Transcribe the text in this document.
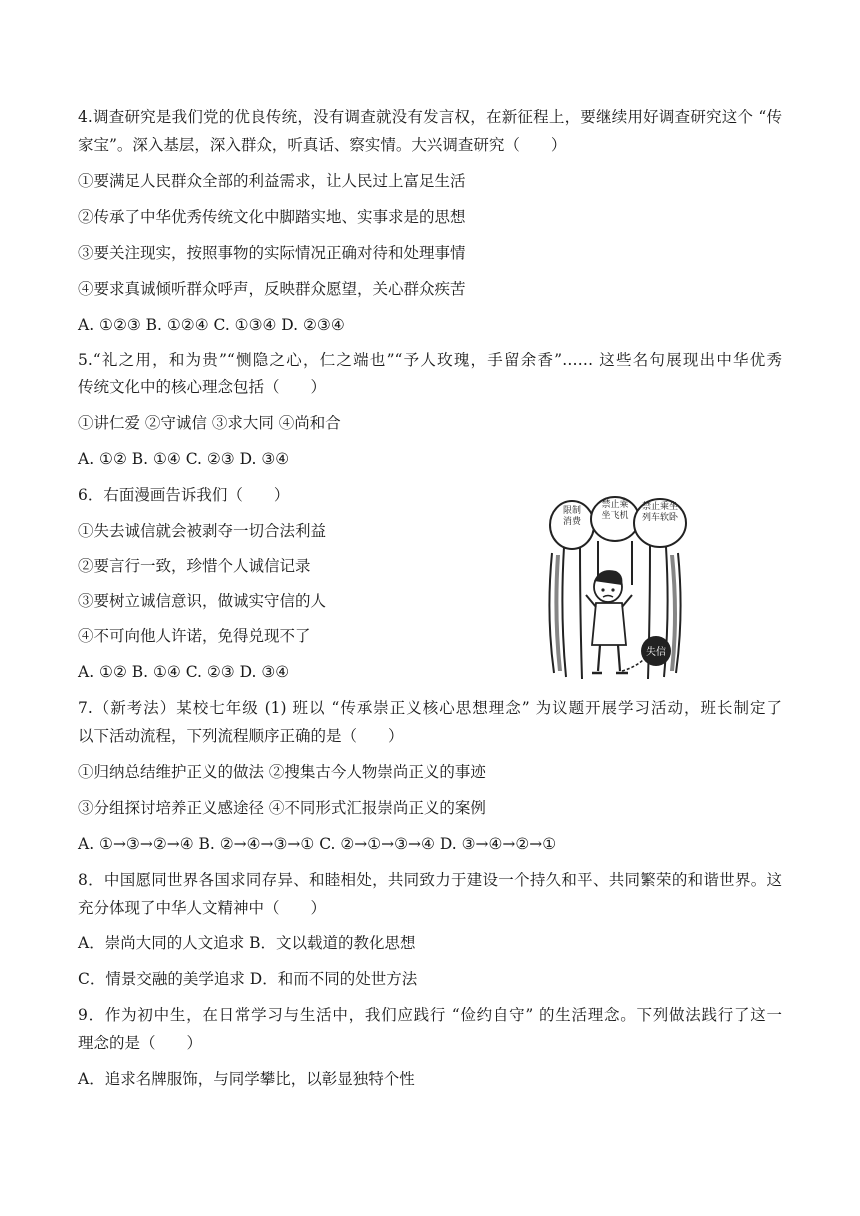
4.调查研究是我们党的优良传统，没有调查就没有发言权，在新征程上，要继续用好调查研究这个 “传
家宝”。深入基层，深入群众，听真话、察实情。大兴调查研究（　　）
①要满足人民群众全部的利益需求，让人民过上富足生活
②传承了中华优秀传统文化中脚踏实地、实事求是的思想
③要关注现实，按照事物的实际情况正确对待和处理事情
④要求真诚倾听群众呼声，反映群众愿望，关心群众疾苦
A. ①②③ B. ①②④ C. ①③④ D. ②③④
5.“礼之用，和为贵”“恻隐之心，仁之端也”“予人玫瑰，手留余香”…… 这些名句展现出中华优秀
传统文化中的核心理念包括（　　）
①讲仁爱 ②守诚信 ③求大同 ④尚和合
A. ①② B. ①④ C. ②③ D. ③④
6．右面漫画告诉我们（　　）
①失去诚信就会被剥夺一切合法利益
②要言行一致，珍惜个人诚信记录
③要树立诚信意识，做诚实守信的人
④不可向他人许诺，免得兑现不了
A. ①② B. ①④ C. ②③ D. ③④
限制消费
禁止乘坐飞机
禁止乘坐列车软卧
失信
7.（新考法）某校七年级 (1) 班以 “传承崇正义核心思想理念” 为议题开展学习活动，班长制定了
以下活动流程，下列流程顺序正确的是（　　）
①归纳总结维护正义的做法 ②搜集古今人物崇尚正义的事迹
③分组探讨培养正义感途径 ④不同形式汇报崇尚正义的案例
A. ①→③→②→④ B. ②→④→③→① C. ②→①→③→④ D. ③→④→②→①
8．中国愿同世界各国求同存异、和睦相处，共同致力于建设一个持久和平、共同繁荣的和谐世界。这
充分体现了中华人文精神中（　　）
A．崇尚大同的人文追求 B．文以载道的教化思想
C．情景交融的美学追求 D．和而不同的处世方法
9．作为初中生，在日常学习与生活中，我们应践行 “俭约自守” 的生活理念。下列做法践行了这一
理念的是（　　）
A．追求名牌服饰，与同学攀比，以彰显独特个性
